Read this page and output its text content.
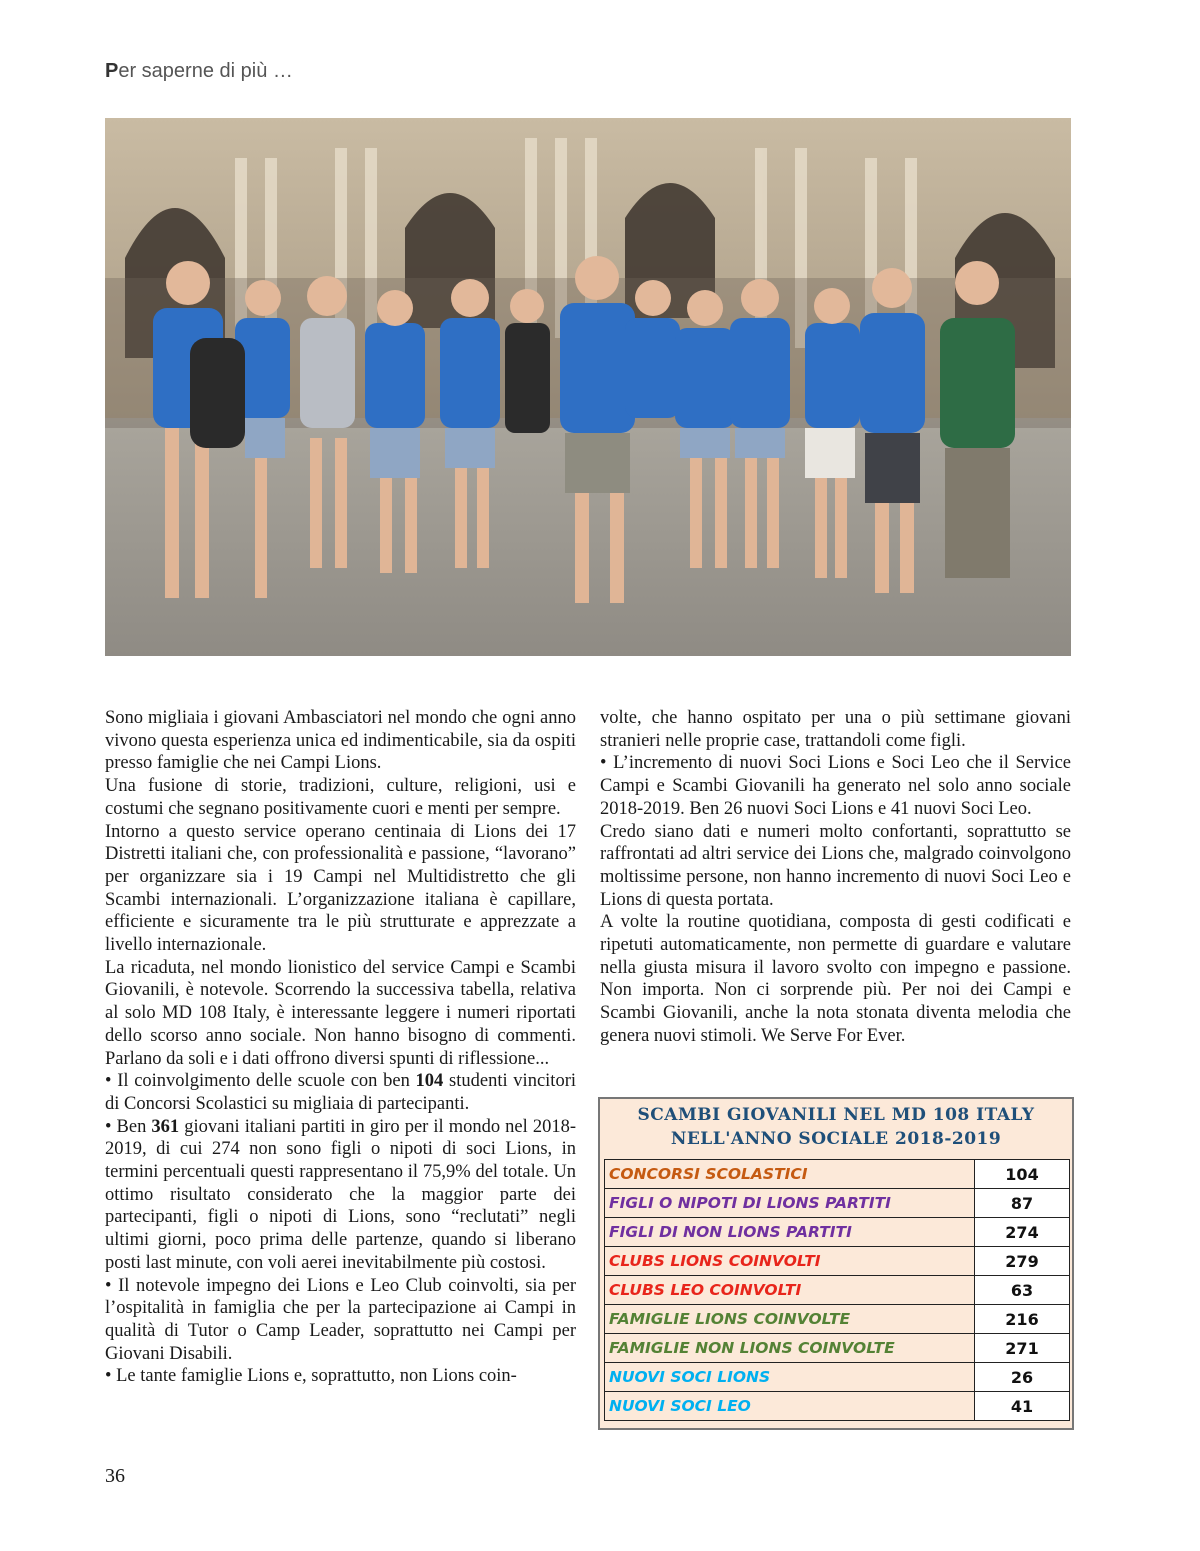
Per saperne di più …

Sono migliaia i giovani Ambasciatori nel mondo che ogni anno vivono questa esperienza unica ed indimenticabile, sia da ospiti presso famiglie che nei Campi Lions.

Una fusione di storie, tradizioni, culture, religioni, usi e costumi che segnano positivamente cuori e menti per sempre.

Intorno a questo service operano centinaia di Lions dei 17 Distretti italiani che, con professionalità e passione, “lavorano” per organizzare sia i 19 Campi nel Multidistretto che gli Scambi internazionali. L’organizzazione italiana è capillare, efficiente e sicuramente tra le più strutturate e apprezzate a livello internazionale.

La ricaduta, nel mondo lionistico del service Campi e Scambi Giovanili, è notevole. Scorrendo la successiva tabella, relativa al solo MD 108 Italy, è interessante leggere i numeri riportati dello scorso anno sociale. Non hanno bisogno di commenti. Parlano da soli e i dati offrono diversi spunti di riflessione...

• Il coinvolgimento delle scuole con ben 104 studenti vincitori di Concorsi Scolastici su migliaia di partecipanti.

• Ben 361 giovani italiani partiti in giro per il mondo nel 2018-2019, di cui 274 non sono figli o nipoti di soci Lions, in termini percentuali questi rappresentano il 75,9% del totale. Un ottimo risultato considerato che la maggior parte dei partecipanti, figli o nipoti di Lions, sono “reclutati” negli ultimi giorni, poco prima delle partenze, quando si liberano posti last minute, con voli aerei inevitabilmente più costosi.

• Il notevole impegno dei Lions e Leo Club coinvolti, sia per l’ospitalità in famiglia che per la partecipazione ai Campi in qualità di Tutor o Camp Leader, soprattutto nei Campi per Giovani Disabili.

• Le tante famiglie Lions e, soprattutto, non Lions coin-

volte, che hanno ospitato per una o più settimane giovani stranieri nelle proprie case, trattandoli come figli.

• L’incremento di nuovi Soci Lions e Soci Leo che il Service Campi e Scambi Giovanili ha generato nel solo anno sociale 2018-2019. Ben 26 nuovi Soci Lions e 41 nuovi Soci Leo.

Credo siano dati e numeri molto confortanti, soprattutto se raffrontati ad altri service dei Lions che, malgrado coinvolgono moltissime persone, non hanno incremento di nuovi Soci Leo e Lions di questa portata.

A volte la routine quotidiana, composta di gesti codificati e ripetuti automaticamente, non permette di guardare e valutare nella giusta misura il lavoro svolto con impegno e passione. Non importa. Non ci sorprende più. Per noi dei Campi e Scambi Giovanili, anche la nota stonata diventa melodia che genera nuovi stimoli. We Serve For Ever.

SCAMBI GIOVANILI NEL MD 108 ITALY
NELL'ANNO SOCIALE 2018-2019
CONCORSI SCOLASTICI	104
FIGLI O NIPOTI DI LIONS PARTITI	87
FIGLI DI NON LIONS PARTITI	274
CLUBS LIONS COINVOLTI	279
CLUBS LEO COINVOLTI	63
FAMIGLIE LIONS COINVOLTE	216
FAMIGLIE NON LIONS COINVOLTE	271
NUOVI SOCI LIONS	26
NUOVI SOCI LEO	41
36
